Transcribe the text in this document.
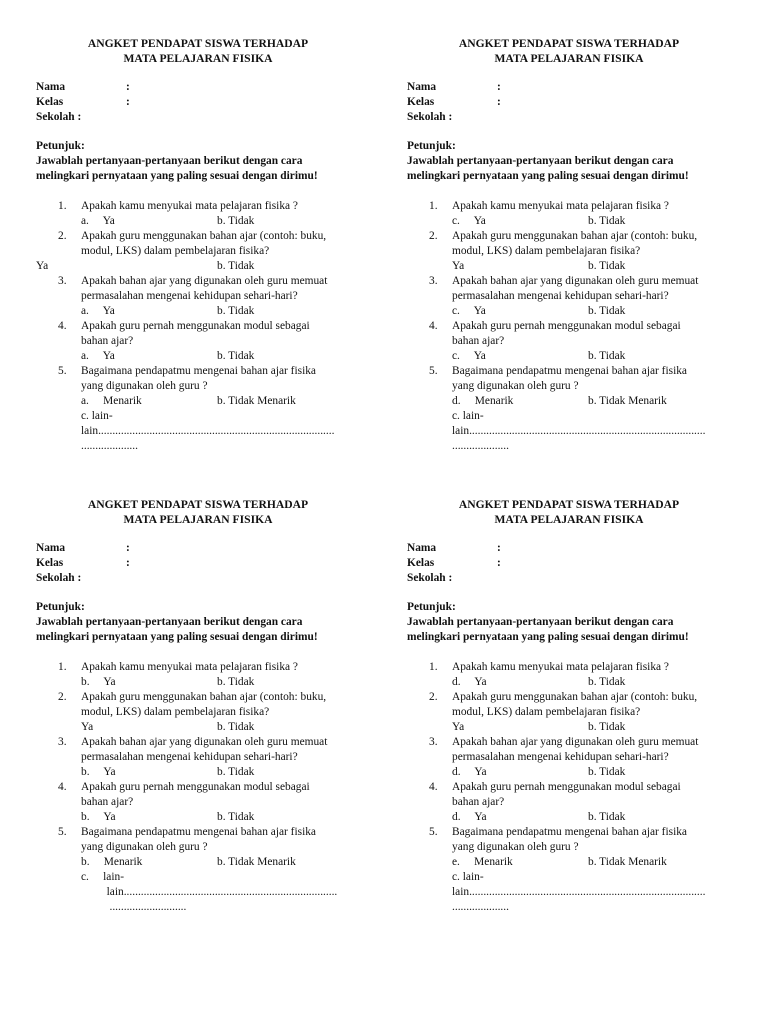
ANGKET PENDAPAT SISWA TERHADAP
MATA PELAJARAN FISIKA
Nama	:
Kelas	:
Sekolah :
Petunjuk:
Jawablah pertanyaan-pertanyaan berikut dengan cara
melingkari pernyataan yang paling sesuai dengan dirimu!
1. Apakah kamu menyukai mata pelajaran fisika ?
a.     Ya	b. Tidak
2. Apakah guru menggunakan bahan ajar (contoh: buku,
modul, LKS) dalam pembelajaran fisika?
Ya	b. Tidak
3. Apakah bahan ajar yang digunakan oleh guru memuat
permasalahan mengenai kehidupan sehari-hari?
a.     Ya	b. Tidak
4. Apakah guru pernah menggunakan modul sebagai
bahan ajar?
a.     Ya	b. Tidak
5. Bagaimana pendapatmu mengenai bahan ajar fisika
yang digunakan oleh guru ?
a.     Menarik	b. Tidak Menarik
c. lain-
lain...................................................................................
....................
ANGKET PENDAPAT SISWA TERHADAP
MATA PELAJARAN FISIKA
Nama	:
Kelas	:
Sekolah :
Petunjuk:
Jawablah pertanyaan-pertanyaan berikut dengan cara
melingkari pernyataan yang paling sesuai dengan dirimu!
1. Apakah kamu menyukai mata pelajaran fisika ?
c.     Ya	b. Tidak
2. Apakah guru menggunakan bahan ajar (contoh: buku,
modul, LKS) dalam pembelajaran fisika?
Ya	b. Tidak
3. Apakah bahan ajar yang digunakan oleh guru memuat
permasalahan mengenai kehidupan sehari-hari?
c.     Ya	b. Tidak
4. Apakah guru pernah menggunakan modul sebagai
bahan ajar?
c.     Ya	b. Tidak
5. Bagaimana pendapatmu mengenai bahan ajar fisika
yang digunakan oleh guru ?
d.     Menarik	b. Tidak Menarik
c. lain-
lain...................................................................................
....................
ANGKET PENDAPAT SISWA TERHADAP
MATA PELAJARAN FISIKA
Nama	:
Kelas	:
Sekolah :
Petunjuk:
Jawablah pertanyaan-pertanyaan berikut dengan cara
melingkari pernyataan yang paling sesuai dengan dirimu!
1. Apakah kamu menyukai mata pelajaran fisika ?
b.     Ya	b. Tidak
2. Apakah guru menggunakan bahan ajar (contoh: buku,
modul, LKS) dalam pembelajaran fisika?
Ya	b. Tidak
3. Apakah bahan ajar yang digunakan oleh guru memuat
permasalahan mengenai kehidupan sehari-hari?
b.     Ya	b. Tidak
4. Apakah guru pernah menggunakan modul sebagai
bahan ajar?
b.     Ya	b. Tidak
5. Bagaimana pendapatmu mengenai bahan ajar fisika
yang digunakan oleh guru ?
b.     Menarik	b. Tidak Menarik
c.     lain-
lain...........................................................................
...........................
ANGKET PENDAPAT SISWA TERHADAP
MATA PELAJARAN FISIKA
Nama	:
Kelas	:
Sekolah :
Petunjuk:
Jawablah pertanyaan-pertanyaan berikut dengan cara
melingkari pernyataan yang paling sesuai dengan dirimu!
1. Apakah kamu menyukai mata pelajaran fisika ?
d.     Ya	b. Tidak
2. Apakah guru menggunakan bahan ajar (contoh: buku,
modul, LKS) dalam pembelajaran fisika?
Ya	b. Tidak
3. Apakah bahan ajar yang digunakan oleh guru memuat
permasalahan mengenai kehidupan sehari-hari?
d.     Ya	b. Tidak
4. Apakah guru pernah menggunakan modul sebagai
bahan ajar?
d.     Ya	b. Tidak
5. Bagaimana pendapatmu mengenai bahan ajar fisika
yang digunakan oleh guru ?
e.     Menarik	b. Tidak Menarik
c. lain-
lain...................................................................................
....................
